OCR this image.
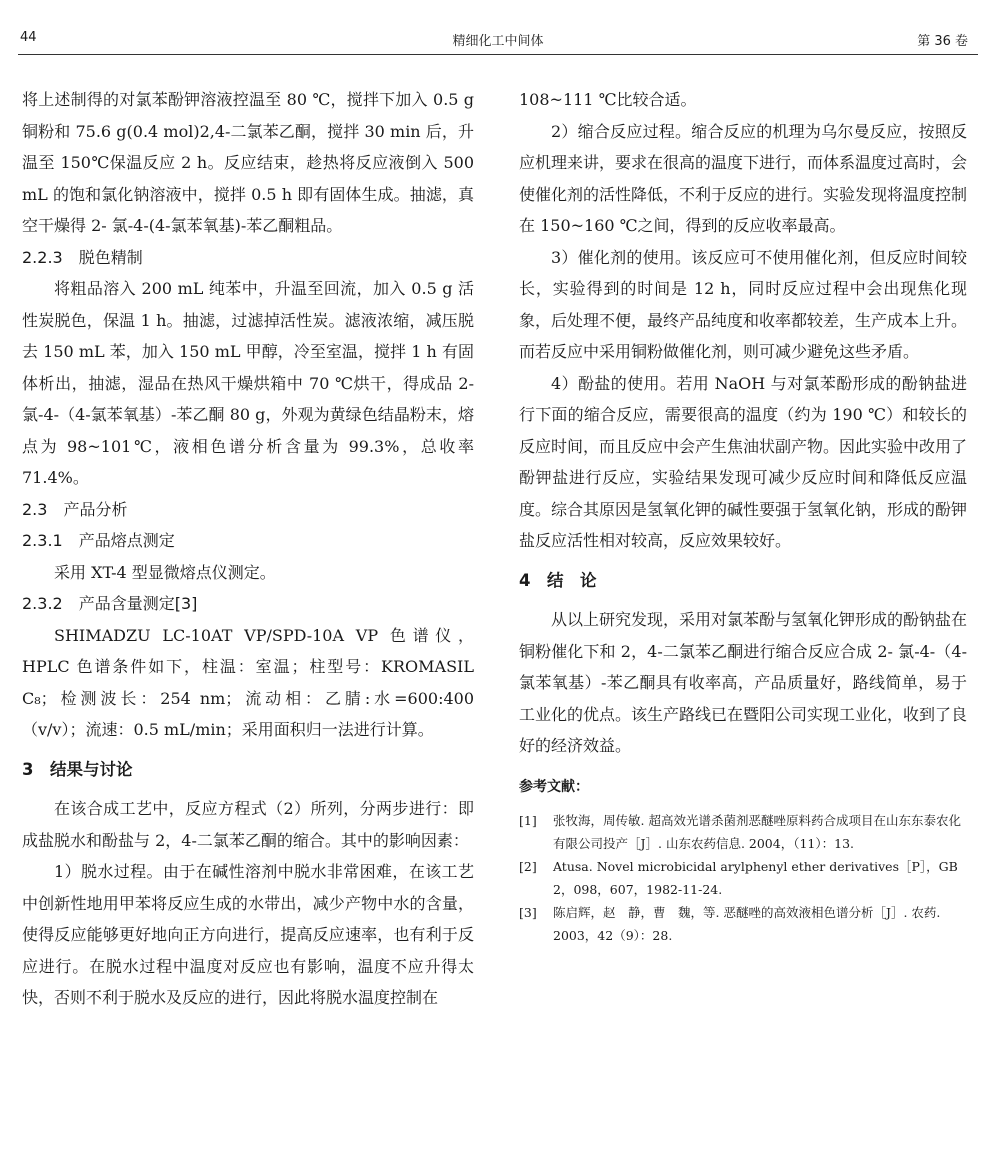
44	精细化工中间体	第 36 卷

将上述制得的对氯苯酚钾溶液控温至 80 ℃，搅拌下加入 0.5 g 铜粉和 75.6 g(0.4 mol)2,4-二氯苯乙酮，搅拌 30 min 后，升温至 150℃保温反应 2 h。反应结束，趁热将反应液倒入 500 mL 的饱和氯化钠溶液中，搅拌 0.5 h 即有固体生成。抽滤，真空干燥得 2- 氯-4-(4-氯苯氧基)-苯乙酮粗品。

2.2.3　脱色精制

将粗品溶入 200 mL 纯苯中，升温至回流，加入 0.5 g 活性炭脱色，保温 1 h。抽滤，过滤掉活性炭。滤液浓缩，减压脱去 150 mL 苯，加入 150 mL 甲醇，冷至室温，搅拌 1 h 有固体析出，抽滤，湿品在热风干燥烘箱中 70 ℃烘干，得成品 2- 氯-4-（4-氯苯氧基）-苯乙酮 80 g，外观为黄绿色结晶粉末，熔点为 98~101℃，液相色谱分析含量为 99.3%，总收率 71.4%。

2.3　产品分析

2.3.1　产品熔点测定

采用 XT-4 型显微熔点仪测定。

2.3.2　产品含量测定[3]

SHIMADZU LC-10AT VP/SPD-10A VP 色谱仪，HPLC 色谱条件如下，柱温：室温；柱型号：KROMASIL C₈；检测波长：254 nm；流动相：乙腈:水=600:400（v/v）；流速：0.5 mL/min；采用面积归一法进行计算。

3　结果与讨论

在该合成工艺中，反应方程式（2）所列，分两步进行：即成盐脱水和酚盐与 2，4-二氯苯乙酮的缩合。其中的影响因素：

1）脱水过程。由于在碱性溶剂中脱水非常困难，在该工艺中创新性地用甲苯将反应生成的水带出，减少产物中水的含量，使得反应能够更好地向正方向进行，提高反应速率，也有利于反应进行。在脱水过程中温度对反应也有影响，温度不应升得太快，否则不利于脱水及反应的进行，因此将脱水温度控制在

108~111 ℃比较合适。

2）缩合反应过程。缩合反应的机理为乌尔曼反应，按照反应机理来讲，要求在很高的温度下进行，而体系温度过高时，会使催化剂的活性降低，不利于反应的进行。实验发现将温度控制在 150~160 ℃之间，得到的反应收率最高。

3）催化剂的使用。该反应可不使用催化剂，但反应时间较长，实验得到的时间是 12 h，同时反应过程中会出现焦化现象，后处理不便，最终产品纯度和收率都较差，生产成本上升。而若反应中采用铜粉做催化剂，则可减少避免这些矛盾。

4）酚盐的使用。若用 NaOH 与对氯苯酚形成的酚钠盐进行下面的缩合反应，需要很高的温度（约为 190 ℃）和较长的反应时间，而且反应中会产生焦油状副产物。因此实验中改用了酚钾盐进行反应，实验结果发现可减少反应时间和降低反应温度。综合其原因是氢氧化钾的碱性要强于氢氧化钠，形成的酚钾盐反应活性相对较高，反应效果较好。

4　结　论

从以上研究发现，采用对氯苯酚与氢氧化钾形成的酚钠盐在铜粉催化下和 2，4-二氯苯乙酮进行缩合反应合成 2- 氯-4-（4-氯苯氧基）-苯乙酮具有收率高，产品质量好，路线简单，易于工业化的优点。该生产路线已在暨阳公司实现工业化，收到了良好的经济效益。

参考文献：

[1]	张牧海，周传敏. 超高效光谱杀菌剂恶醚唑原料药合成项目在山东东泰农化有限公司投产［J］. 山东农药信息. 2004，（11）：13.
[2]	Atusa. Novel microbicidal arylphenyl ether derivatives［P］，GB 2，098，607，1982-11-24.
[3]	陈启辉，赵　静，曹　魏，等. 恶醚唑的高效液相色谱分析［J］. 农药. 2003，42（9）：28.
